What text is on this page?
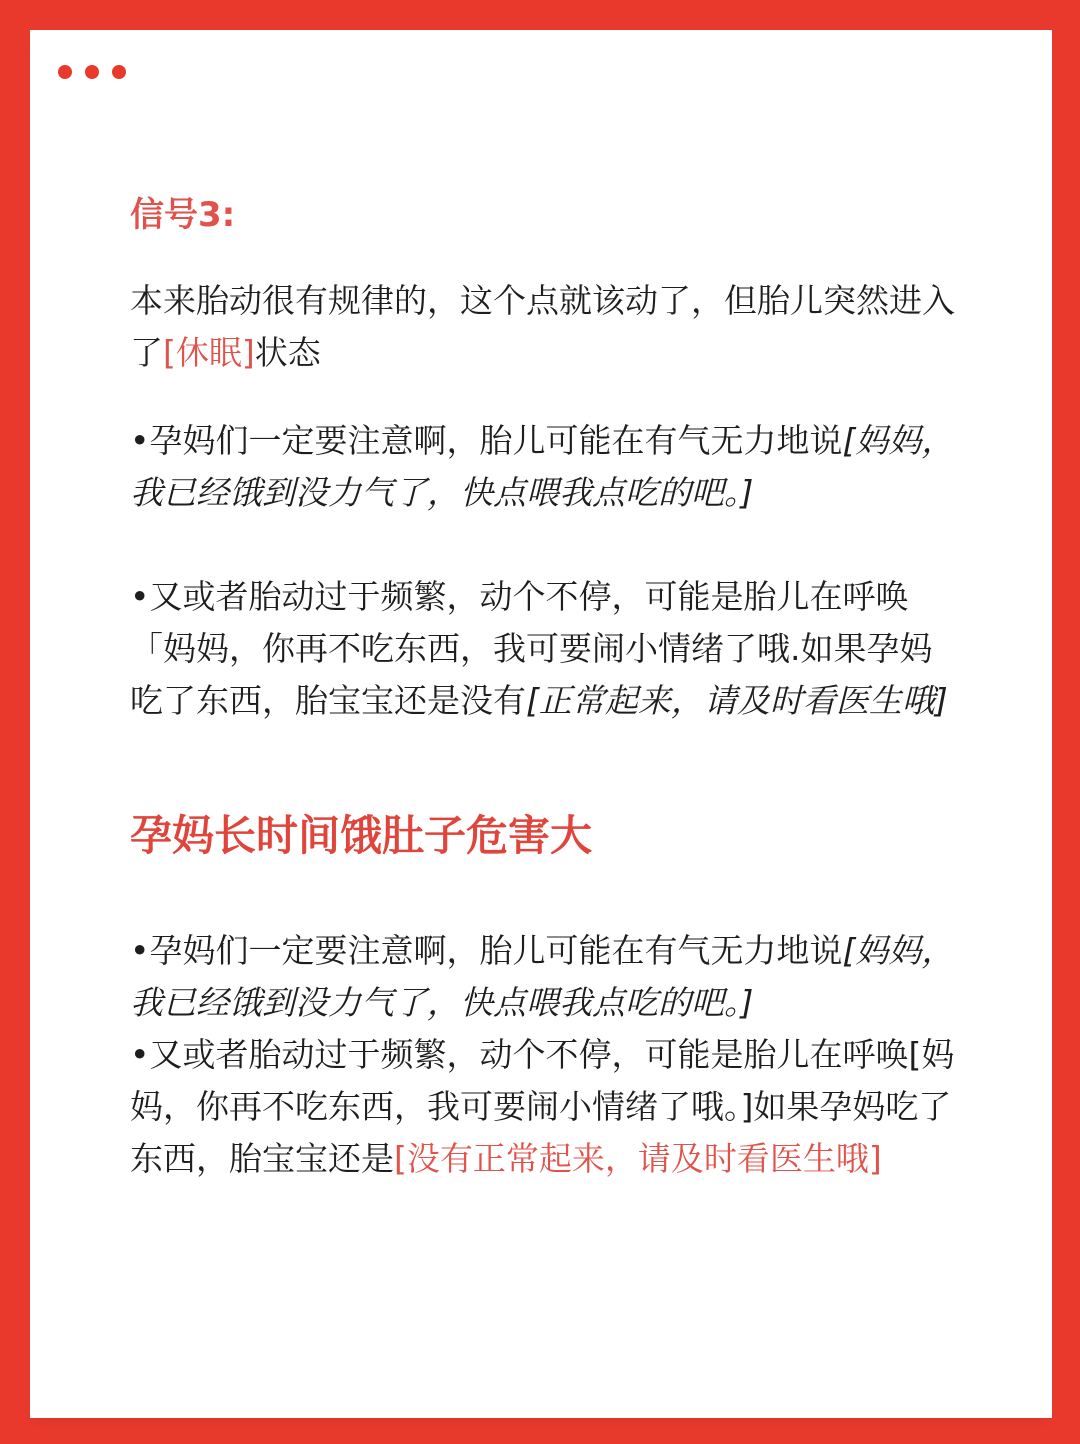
信号3:

本来胎动很有规律的，这个点就该动了，但胎儿突然进入了[休眠]状态

•孕妈们一定要注意啊，胎儿可能在有气无力地说[妈妈，我已经饿到没力气了，快点喂我点吃的吧。]

•又或者胎动过于频繁，动个不停，可能是胎儿在呼唤「妈妈，你再不吃东西，我可要闹小情绪了哦.如果孕妈吃了东西，胎宝宝还是没有[正常起来，请及时看医生哦]

孕妈长时间饿肚子危害大

•孕妈们一定要注意啊，胎儿可能在有气无力地说[妈妈，我已经饿到没力气了，快点喂我点吃的吧。]

•又或者胎动过于频繁，动个不停，可能是胎儿在呼唤[妈妈，你再不吃东西，我可要闹小情绪了哦。]如果孕妈吃了东西，胎宝宝还是[没有正常起来，请及时看医生哦]
